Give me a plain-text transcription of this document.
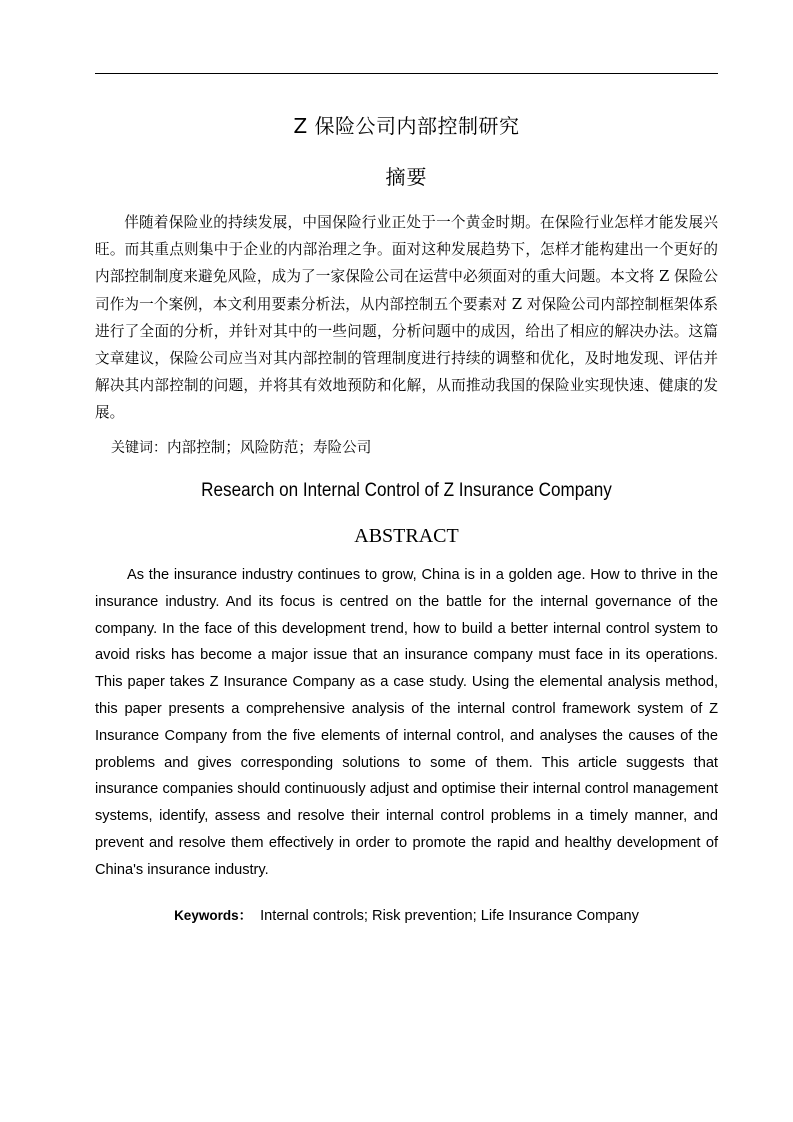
Z 保险公司内部控制研究
摘要

伴随着保险业的持续发展，中国保险行业正处于一个黄金时期。在保险行业怎样才能发展兴旺。而其重点则集中于企业的内部治理之争。面对这种发展趋势下，怎样才能构建出一个更好的内部控制制度来避免风险，成为了一家保险公司在运营中必须面对的重大问题。本文将 Z 保险公司作为一个案例，本文利用要素分析法，从内部控制五个要素对 Z 对保险公司内部控制框架体系进行了全面的分析，并针对其中的一些问题，分析问题中的成因，给出了相应的解决办法。这篇文章建议，保险公司应当对其内部控制的管理制度进行持续的调整和优化，及时地发现、评估并解决其内部控制的问题，并将其有效地预防和化解，从而推动我国的保险业实现快速、健康的发展。

关键词：内部控制；风险防范；寿险公司

Research on Internal Control of Z Insurance Company
ABSTRACT

As the insurance industry continues to grow, China is in a golden age. How to thrive in the insurance industry. And its focus is centred on the battle for the internal governance of the company. In the face of this development trend, how to build a better internal control system to avoid risks has become a major issue that an insurance company must face in its operations. This paper takes Z Insurance Company as a case study. Using the elemental analysis method, this paper presents a comprehensive analysis of the internal control framework system of Z Insurance Company from the five elements of internal control, and analyses the causes of the problems and gives corresponding solutions to some of them. This article suggests that insurance companies should continuously adjust and optimise their internal control management systems, identify, assess and resolve their internal control problems in a timely manner, and prevent and resolve them effectively in order to promote the rapid and healthy development of China's insurance industry.

Keywords： Internal controls; Risk prevention; Life Insurance Company
